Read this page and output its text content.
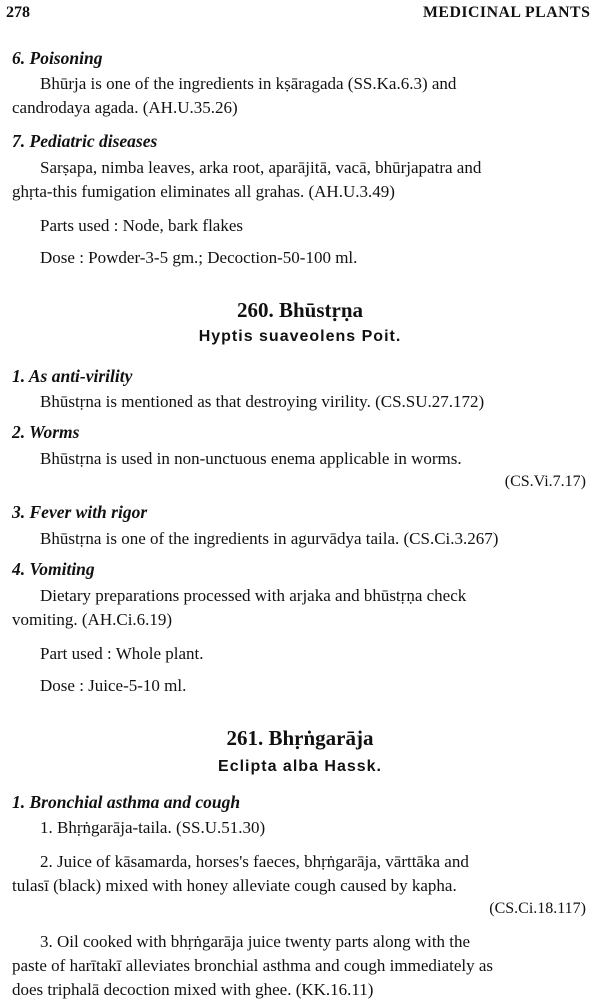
278	MEDICINAL PLANTS
6. Poisoning
Bhūrja is one of the ingredients in kṣāragada (SS.Ka.6.3) and
candrodaya agada. (AH.U.35.26)
7. Pediatric diseases
Sarṣapa, nimba leaves, arka root, aparājitā, vacā, bhūrjapatra and
ghṛta-this fumigation eliminates all grahas. (AH.U.3.49)
Parts used : Node, bark flakes
Dose : Powder-3-5 gm.; Decoction-50-100 ml.
260. Bhūstṛṇa
Hyptis suaveolens Poit.
1. As anti-virility
Bhūstṛna is mentioned as that destroying virility. (CS.SU.27.172)
2. Worms
Bhūstṛna is used in non-unctuous enema applicable in worms.
(CS.Vi.7.17)
3. Fever with rigor
Bhūstṛna is one of the ingredients in agurvādya taila. (CS.Ci.3.267)
4. Vomiting
Dietary preparations processed with arjaka and bhūstṛṇa check
vomiting. (AH.Ci.6.19)
Part used : Whole plant.
Dose : Juice-5-10 ml.
261. Bhṛṅgarāja
Eclipta alba Hassk.
1. Bronchial asthma and cough
1. Bhṛṅgarāja-taila. (SS.U.51.30)
2. Juice of kāsamarda, horses's faeces, bhṛṅgarāja, vārttāka and
tulasī (black) mixed with honey alleviate cough caused by kapha.
(CS.Ci.18.117)
3. Oil cooked with bhṛṅgarāja juice twenty parts along with the
paste of harītakī alleviates bronchial asthma and cough immediately as
does triphalā decoction mixed with ghee. (KK.16.11)
